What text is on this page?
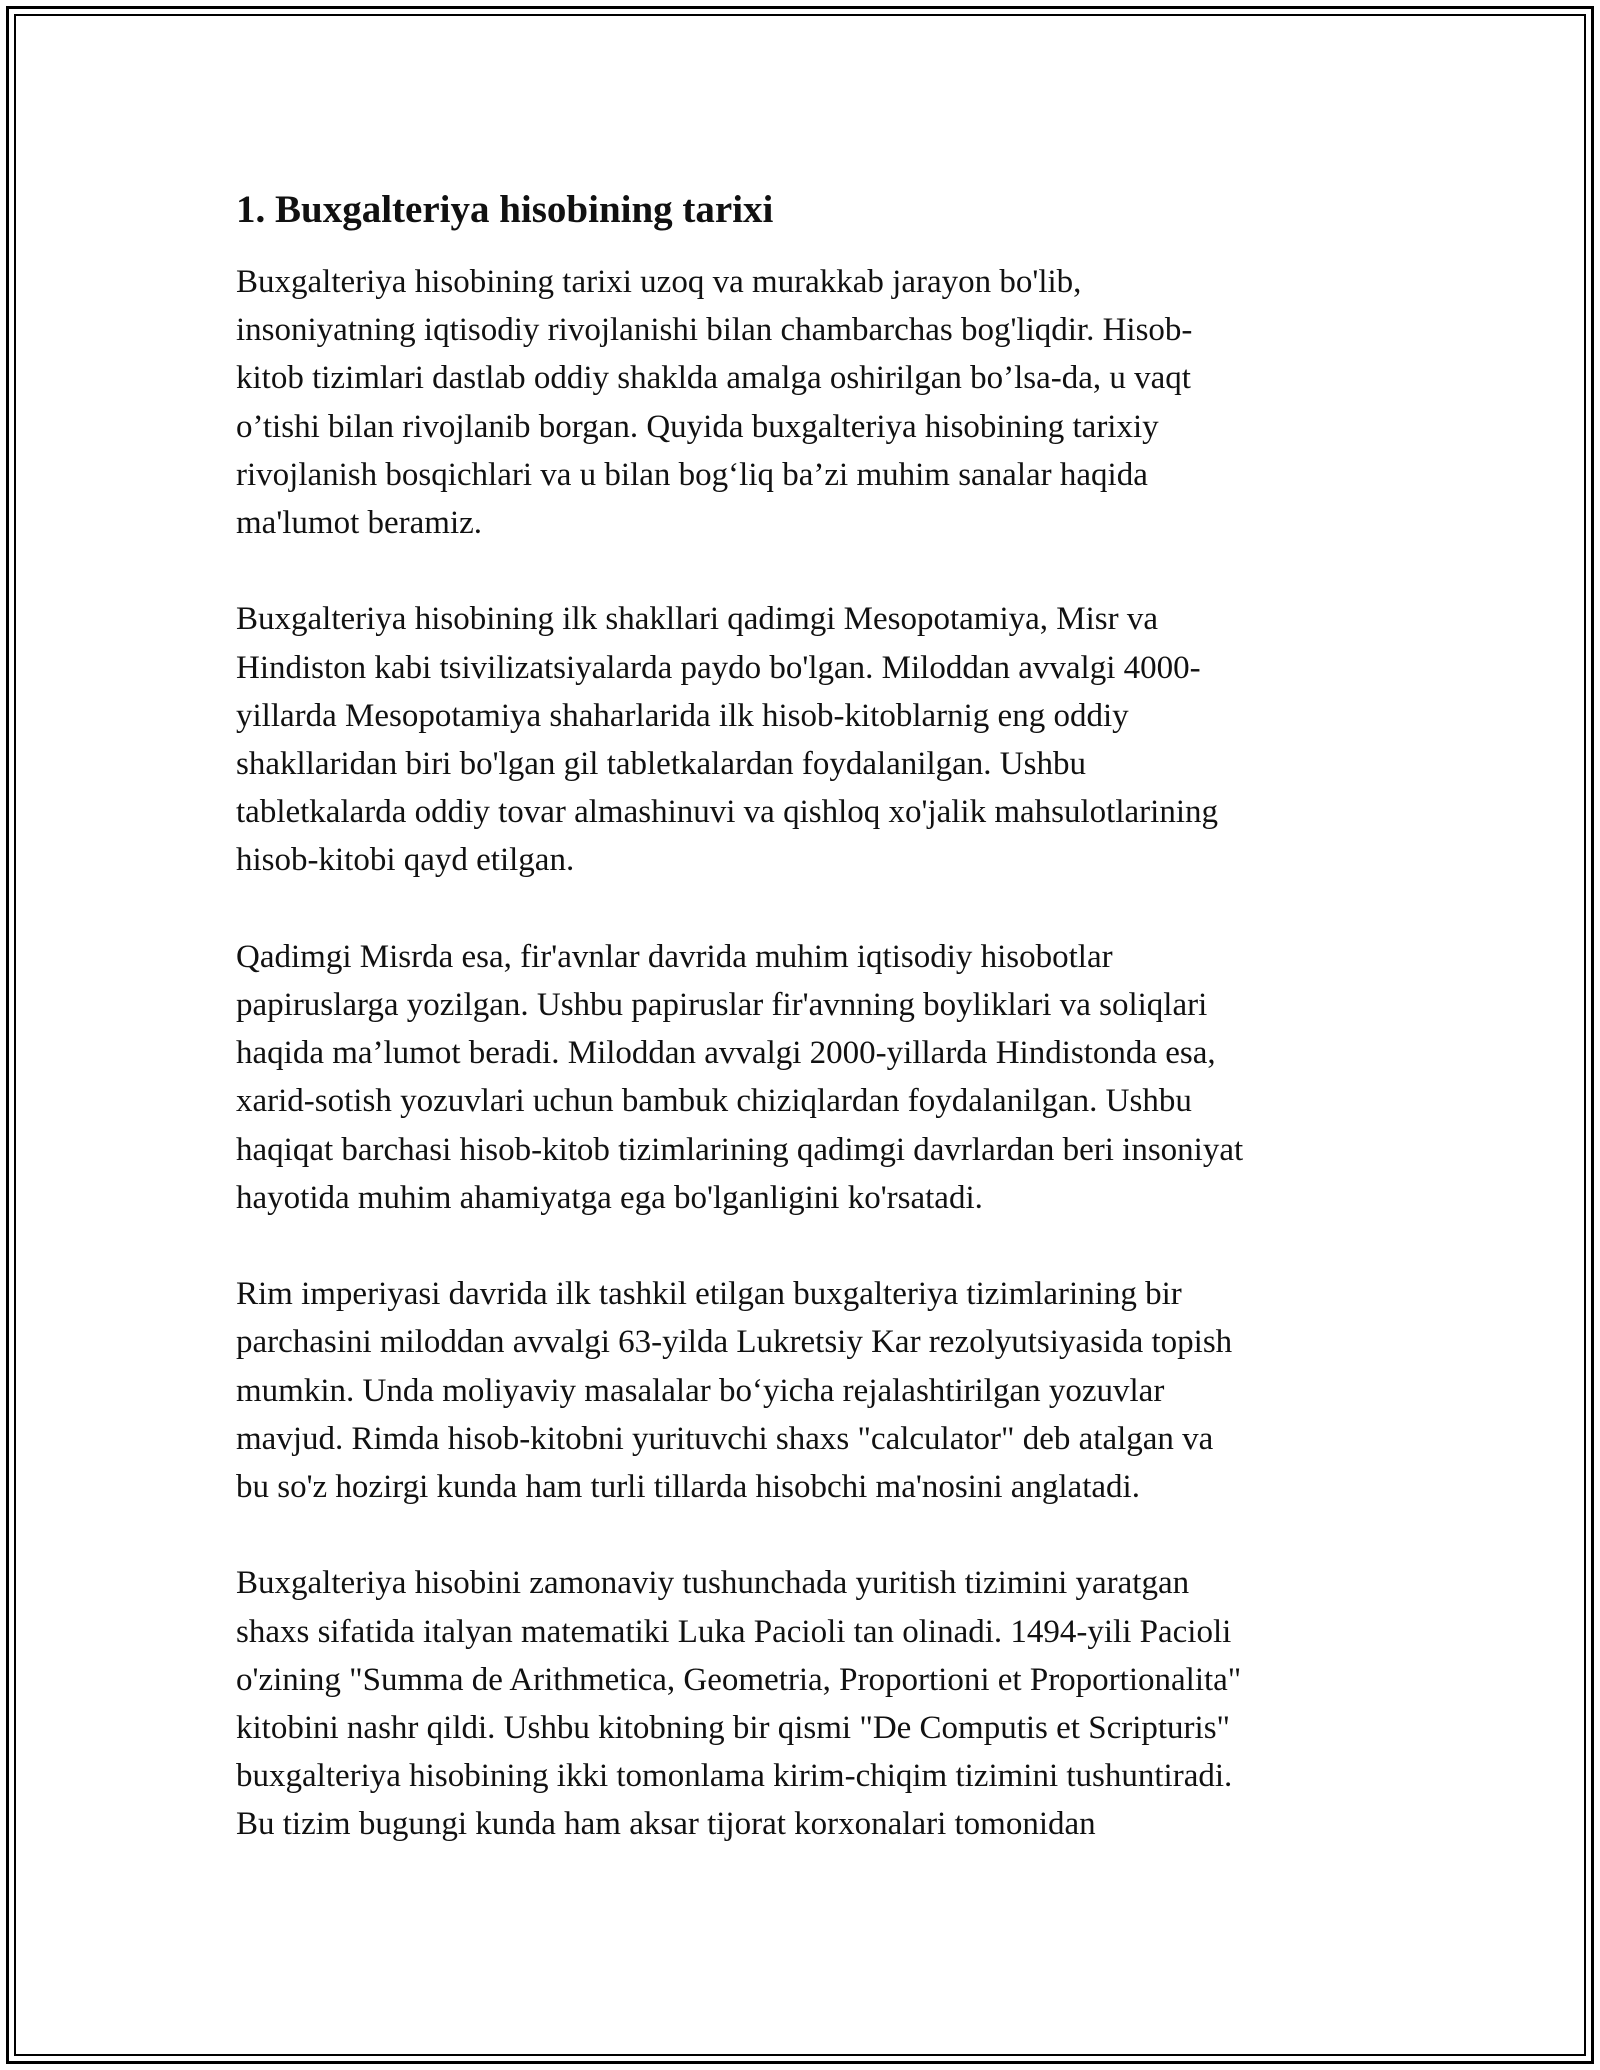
1. Buxgalteriya hisobining tarixi

Buxgalteriya hisobining tarixi uzoq va murakkab jarayon bo'lib,
insoniyatning iqtisodiy rivojlanishi bilan chambarchas bog'liqdir. Hisob-
kitob tizimlari dastlab oddiy shaklda amalga oshirilgan bo’lsa-da, u vaqt
o’tishi bilan rivojlanib borgan. Quyida buxgalteriya hisobining tarixiy
rivojlanish bosqichlari va u bilan bog‘liq ba’zi muhim sanalar haqida
ma'lumot beramiz.

Buxgalteriya hisobining ilk shakllari qadimgi Mesopotamiya, Misr va
Hindiston kabi tsivilizatsiyalarda paydo bo'lgan. Miloddan avvalgi 4000-
yillarda Mesopotamiya shaharlarida ilk hisob-kitoblarnig eng oddiy
shakllaridan biri bo'lgan gil tabletkalardan foydalanilgan. Ushbu
tabletkalarda oddiy tovar almashinuvi va qishloq xo'jalik mahsulotlarining
hisob-kitobi qayd etilgan.

Qadimgi Misrda esa, fir'avnlar davrida muhim iqtisodiy hisobotlar
papiruslarga yozilgan. Ushbu papiruslar fir'avnning boyliklari va soliqlari
haqida ma’lumot beradi. Miloddan avvalgi 2000-yillarda Hindistonda esa,
xarid-sotish yozuvlari uchun bambuk chiziqlardan foydalanilgan. Ushbu
haqiqat barchasi hisob-kitob tizimlarining qadimgi davrlardan beri insoniyat
hayotida muhim ahamiyatga ega bo'lganligini ko'rsatadi.

Rim imperiyasi davrida ilk tashkil etilgan buxgalteriya tizimlarining bir
parchasini miloddan avvalgi 63-yilda Lukretsiy Kar rezolyutsiyasida topish
mumkin. Unda moliyaviy masalalar bo‘yicha rejalashtirilgan yozuvlar
mavjud. Rimda hisob-kitobni yurituvchi shaxs "calculator" deb atalgan va
bu so'z hozirgi kunda ham turli tillarda hisobchi ma'nosini anglatadi.

Buxgalteriya hisobini zamonaviy tushunchada yuritish tizimini yaratgan
shaxs sifatida italyan matematiki Luka Pacioli tan olinadi. 1494-yili Pacioli
o'zining "Summa de Arithmetica, Geometria, Proportioni et Proportionalita"
kitobini nashr qildi. Ushbu kitobning bir qismi "De Computis et Scripturis"
buxgalteriya hisobining ikki tomonlama kirim-chiqim tizimini tushuntiradi.
Bu tizim bugungi kunda ham aksar tijorat korxonalari tomonidan
